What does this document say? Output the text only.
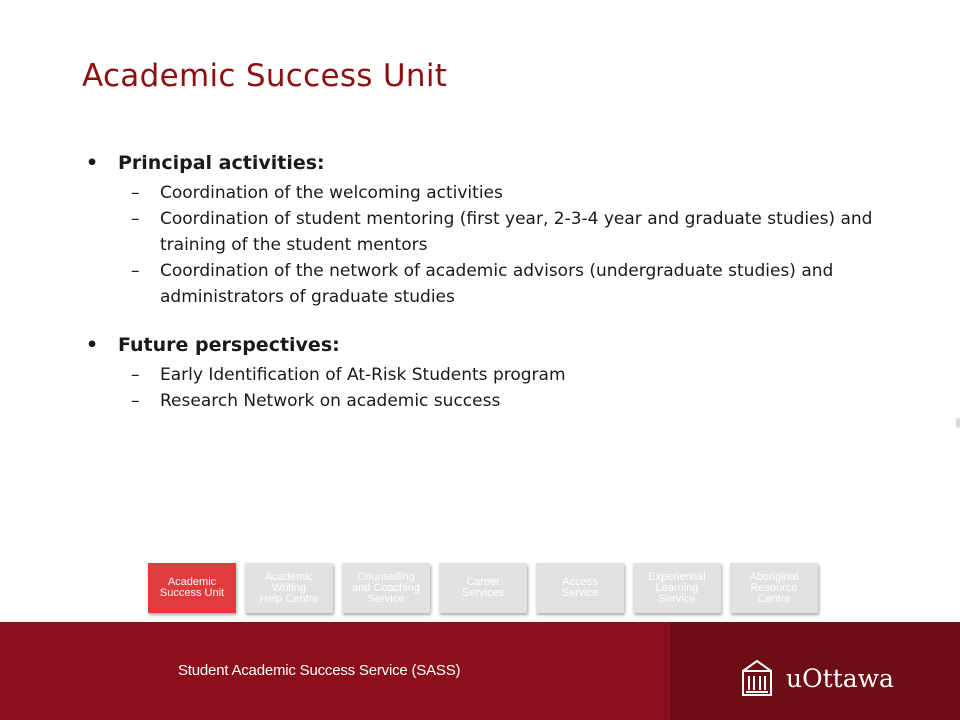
Academic Success Unit
•	Principal activities:
–	Coordination of the welcoming activities
–	Coordination of student mentoring (first year, 2-3-4 year and graduate studies) and training of the student mentors
–	Coordination of the network of academic advisors (undergraduate studies) and administrators of graduate studies
•	Future perspectives:
–	Early Identification of At-Risk Students program
–	Research Network on academic success
Academic
Success Unit
Academic
Writing
Help Centre
Counselling
and Coaching
Service
Career
Services
Access
Service
Experiential
Learning
Service
Aboriginal
Resource
Centre
Student Academic Success Service (SASS)	uOttawa
